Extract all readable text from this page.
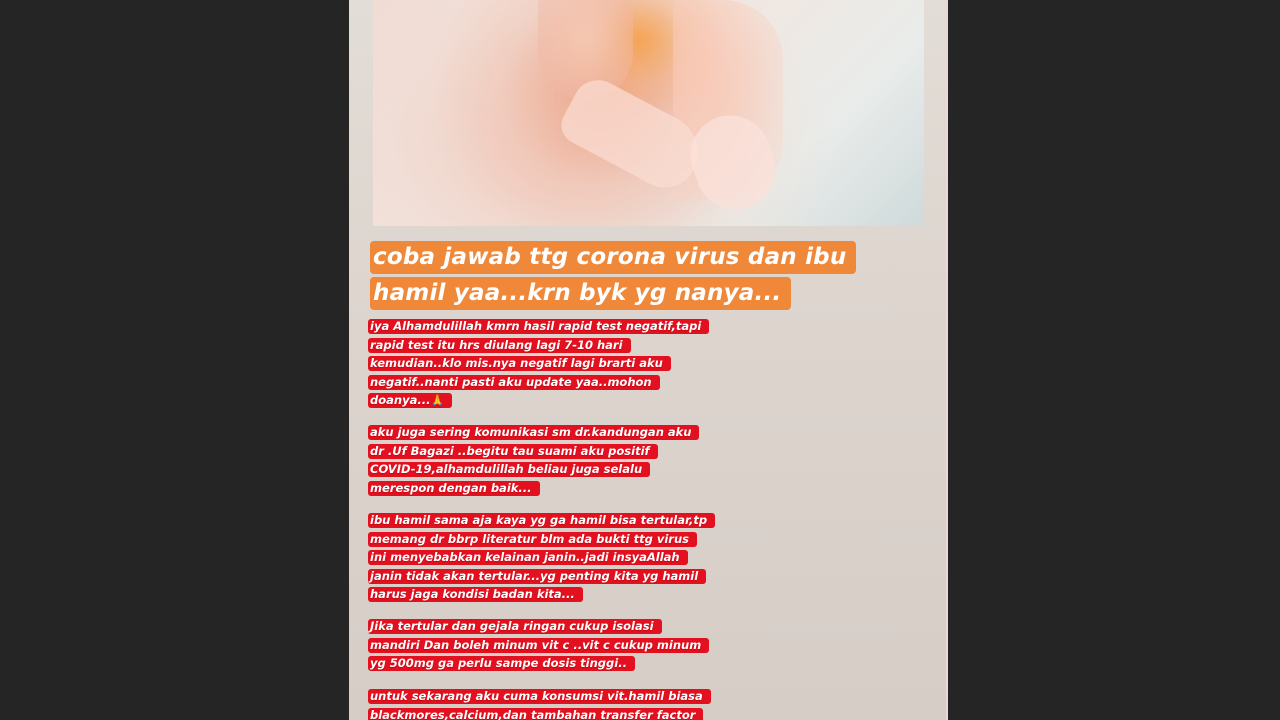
coba jawab ttg corona virus dan ibu
hamil yaa...krn byk yg nanya...
iya Alhamdulillah kmrn hasil rapid test negatif,tapi
rapid test itu hrs diulang lagi 7-10 hari
kemudian..klo mis.nya negatif lagi brarti aku
negatif..nanti pasti aku update yaa..mohon
doanya...🙏
aku juga sering komunikasi sm dr.kandungan aku
dr .Uf Bagazi ..begitu tau suami aku positif
COVID-19,alhamdulillah beliau juga selalu
merespon dengan baik...
ibu hamil sama aja kaya yg ga hamil bisa tertular,tp
memang dr bbrp literatur blm ada bukti ttg virus
ini menyebabkan kelainan janin..jadi insyaAllah
janin tidak akan tertular...yg penting kita yg hamil
harus jaga kondisi badan kita...
Jika tertular dan gejala ringan cukup isolasi
mandiri Dan boleh minum vit c ..vit c cukup minum
yg 500mg ga perlu sampe dosis tinggi..
untuk sekarang aku cuma konsumsi vit.hamil biasa
blackmores,calcium,dan tambahan transfer factor
